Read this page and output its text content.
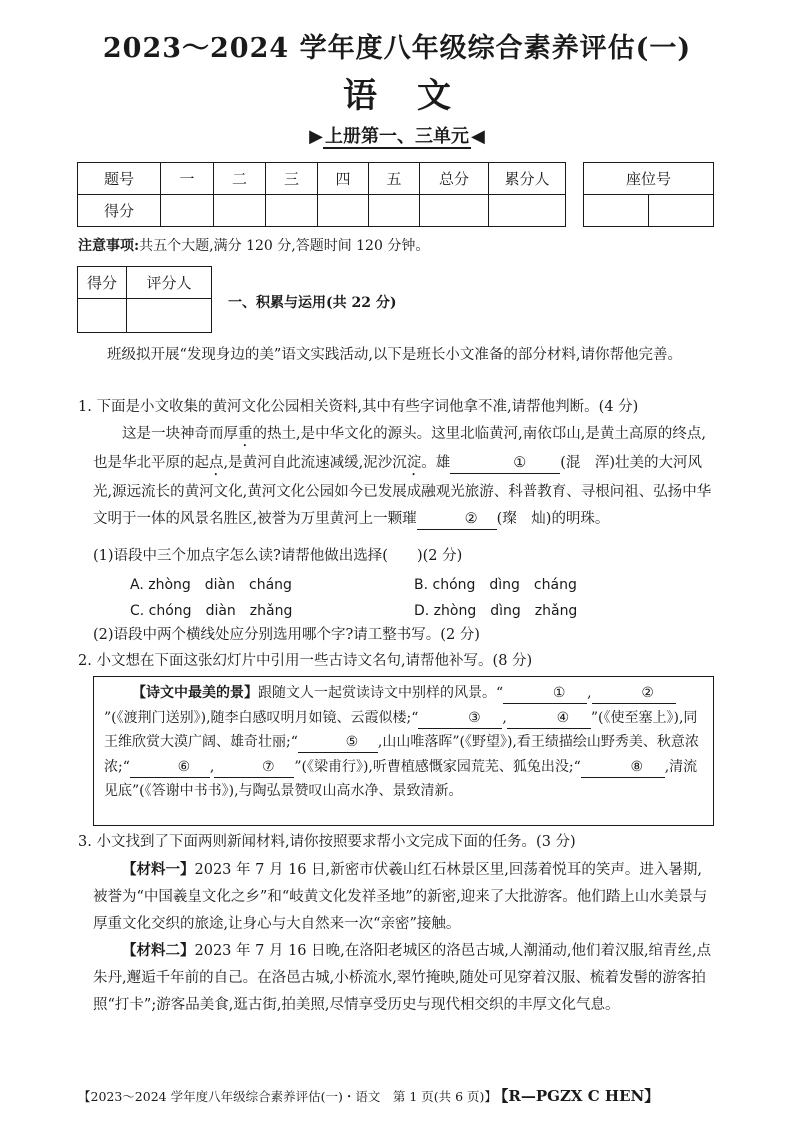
2023～2024 学年度八年级综合素养评估(一)
语文
▶ 上册第一、三单元 ◀
题号	一	二	三	四	五	总分	累分人
得分							
座位号

注意事项:共五个大题,满分 120 分,答题时间 120 分钟。
得分	评分人

一、积累与运用(共 22 分)
班级拟开展“发现身边的美”语文实践活动,以下是班长小文准备的部分材料,请你帮他完善。
1. 下面是小文收集的黄河文化公园相关资料,其中有些字词他拿不准,请帮他判断。(4 分)
这是一块神奇而厚重的热土,是中华文化的源头。这里北临黄河,南依邙山,是黄土高原的终点,也是华北平原的起点,是黄河自此流速减缓,泥沙沉淀。雄	① (混　浑)壮美的大河风光,源远流长的黄河文化,黄河文化公园如今已发展成融观光旅游、科普教育、寻根问祖、弘扬中华文明于一体的风景名胜区,被誉为万里黄河上一颗璀	② (璨　灿)的明珠。
(1)语段中三个加点字怎么读?请帮他做出选择(　　)(2 分)
A. zhòng　diàn　cháng	B. chóng　dìng　cháng
C. chóng　diàn　zhǎng	D. zhòng　dìng　zhǎng
(2)语段中两个横线处应分别选用哪个字?请工整书写。(2 分)
2. 小文想在下面这张幻灯片中引用一些古诗文名句,请帮他补写。(8 分)

【诗文中最美的景】跟随文人一起赏读诗文中别样的风景。“	① ,	②”(《渡荆门送别》),随李白感叹明月如镜、云霞似楼;“	③ ,	④ ”(《使至塞上》),同王维欣赏大漠广阔、雄奇壮丽;“	⑤ ,山山唯落晖”(《野望》),看王绩描绘山野秀美、秋意浓浓;“	⑥ ,	⑦ ”(《梁甫行》),听曹植感慨家园荒芜、狐兔出没;“	⑧ ,清流见底”(《答谢中书书》),与陶弘景赞叹山高水净、景致清新。

3. 小文找到了下面两则新闻材料,请你按照要求帮小文完成下面的任务。(3 分)
【材料一】2023 年 7 月 16 日,新密市伏羲山红石林景区里,回荡着悦耳的笑声。进入暑期,被誉为“中国羲皇文化之乡”和“岐黄文化发祥圣地”的新密,迎来了大批游客。他们踏上山水美景与厚重文化交织的旅途,让身心与大自然来一次“亲密”接触。
【材料二】2023 年 7 月 16 日晚,在洛阳老城区的洛邑古城,人潮涌动,他们着汉服,绾青丝,点朱丹,邂逅千年前的自己。在洛邑古城,小桥流水,翠竹掩映,随处可见穿着汉服、梳着发髻的游客拍照“打卡”;游客品美食,逛古街,拍美照,尽情享受历史与现代相交织的丰厚文化气息。
【2023～2024 学年度八年级综合素养评估(一)・语文　第 1 页(共 6 页)】 【R—PGZX C HEN】
